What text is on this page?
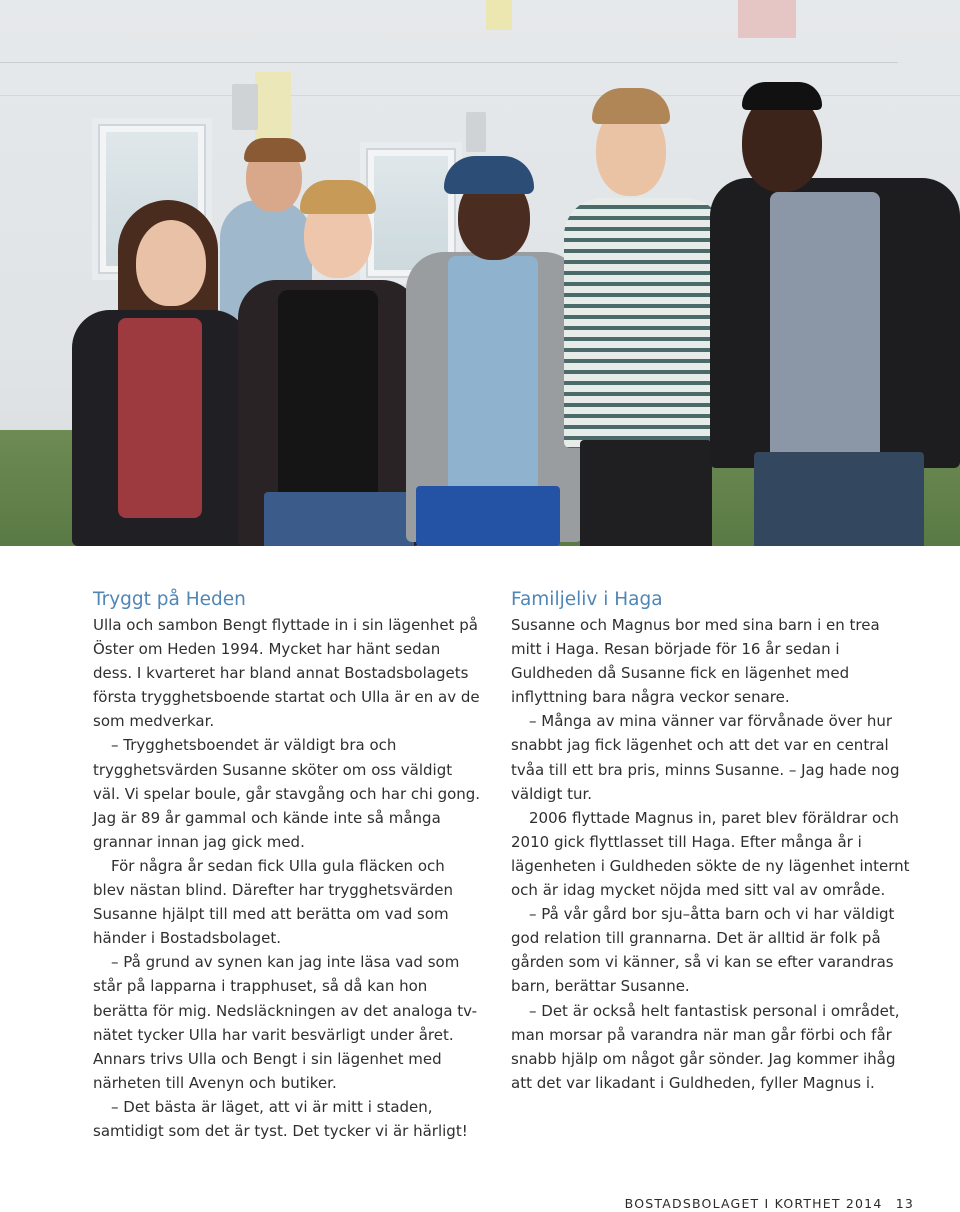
Tryggt på Heden

Ulla och sambon Bengt flyttade in i sin lägenhet på Öster om Heden 1994. Mycket har hänt sedan dess. I kvarteret har bland annat Bostadsbolagets första trygghetsboende startat och Ulla är en av de som medverkar.

– Trygghetsboendet är väldigt bra och trygghetsvärden Susanne sköter om oss väldigt väl. Vi spelar boule, går stavgång och har chi gong. Jag är 89 år gammal och kände inte så många grannar innan jag gick med.

För några år sedan fick Ulla gula fläcken och blev nästan blind. Därefter har trygghetsvärden Susanne hjälpt till med att berätta om vad som händer i Bostadsbolaget.

– På grund av synen kan jag inte läsa vad som står på lapparna i trapphuset, så då kan hon berätta för mig. Nedsläckningen av det analoga tv-nätet tycker Ulla har varit besvärligt under året. Annars trivs Ulla och Bengt i sin lägenhet med närheten till Avenyn och butiker.

– Det bästa är läget, att vi är mitt i staden, samtidigt som det är tyst. Det tycker vi är härligt!

Familjeliv i Haga

Susanne och Magnus bor med sina barn i en trea mitt i Haga. Resan började för 16 år sedan i Guldheden då Susanne fick en lägenhet med inflyttning bara några veckor senare.

– Många av mina vänner var förvånade över hur snabbt jag fick lägenhet och att det var en central tvåa till ett bra pris, minns Susanne. – Jag hade nog väldigt tur.

2006 flyttade Magnus in, paret blev föräldrar och 2010 gick flyttlasset till Haga. Efter många år i lägenheten i Guldheden sökte de ny lägenhet internt och är idag mycket nöjda med sitt val av område.

– På vår gård bor sju–åtta barn och vi har väldigt god relation till grannarna. Det är alltid är folk på gården som vi känner, så vi kan se efter varandras barn, berättar Susanne.

– Det är också helt fantastisk personal i området, man morsar på varandra när man går förbi och får snabb hjälp om något går sönder. Jag kommer ihåg att det var likadant i Guldheden, fyller Magnus i.

BOSTADSBOLAGET I KORTHET 2014 13
